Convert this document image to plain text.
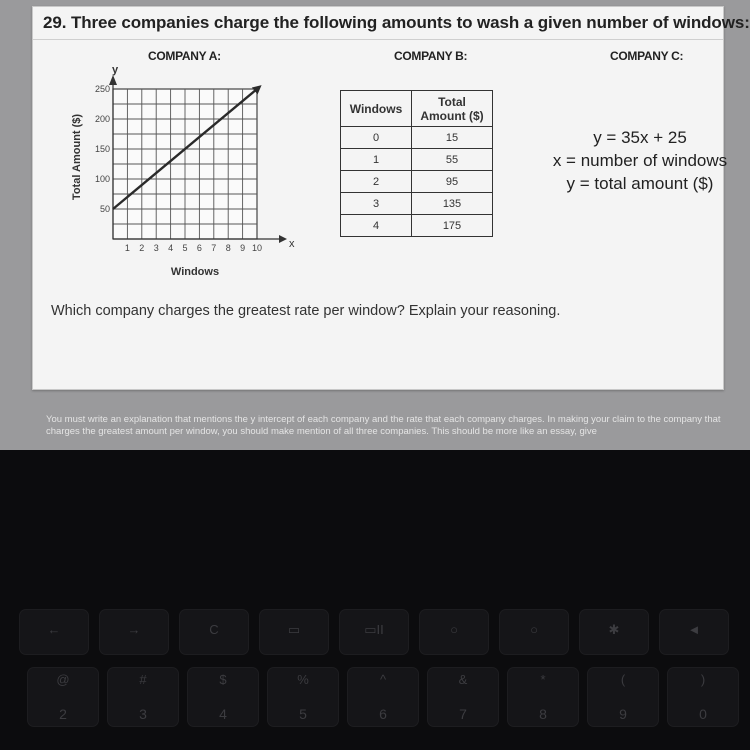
29. Three companies charge the following amounts to wash a given number of windows:
COMPANY A:	COMPANY B:	COMPANY C:
y
x
250
200
150
100
50
1 2 3 4 5 6 7 8 9 10
Windows
Total Amount ($)
Windows	Total
Amount ($)
0	15
1	55
2	95
3	135
4	175
y = 35x + 25
x = number of windows
y = total amount ($)
Which company charges the greatest rate per window? Explain your reasoning.
You must write an explanation that mentions the y intercept of each company and the rate that each company charges. In making your claim to the company that charges the greatest amount per window, you should make mention of all three companies. This should be more like an essay, give
←	→	C	▭	▭II	○	○	✱	◄
@
2
#
3
$
4
%
5
^
6
&
7
*
8
(
9
)
0
